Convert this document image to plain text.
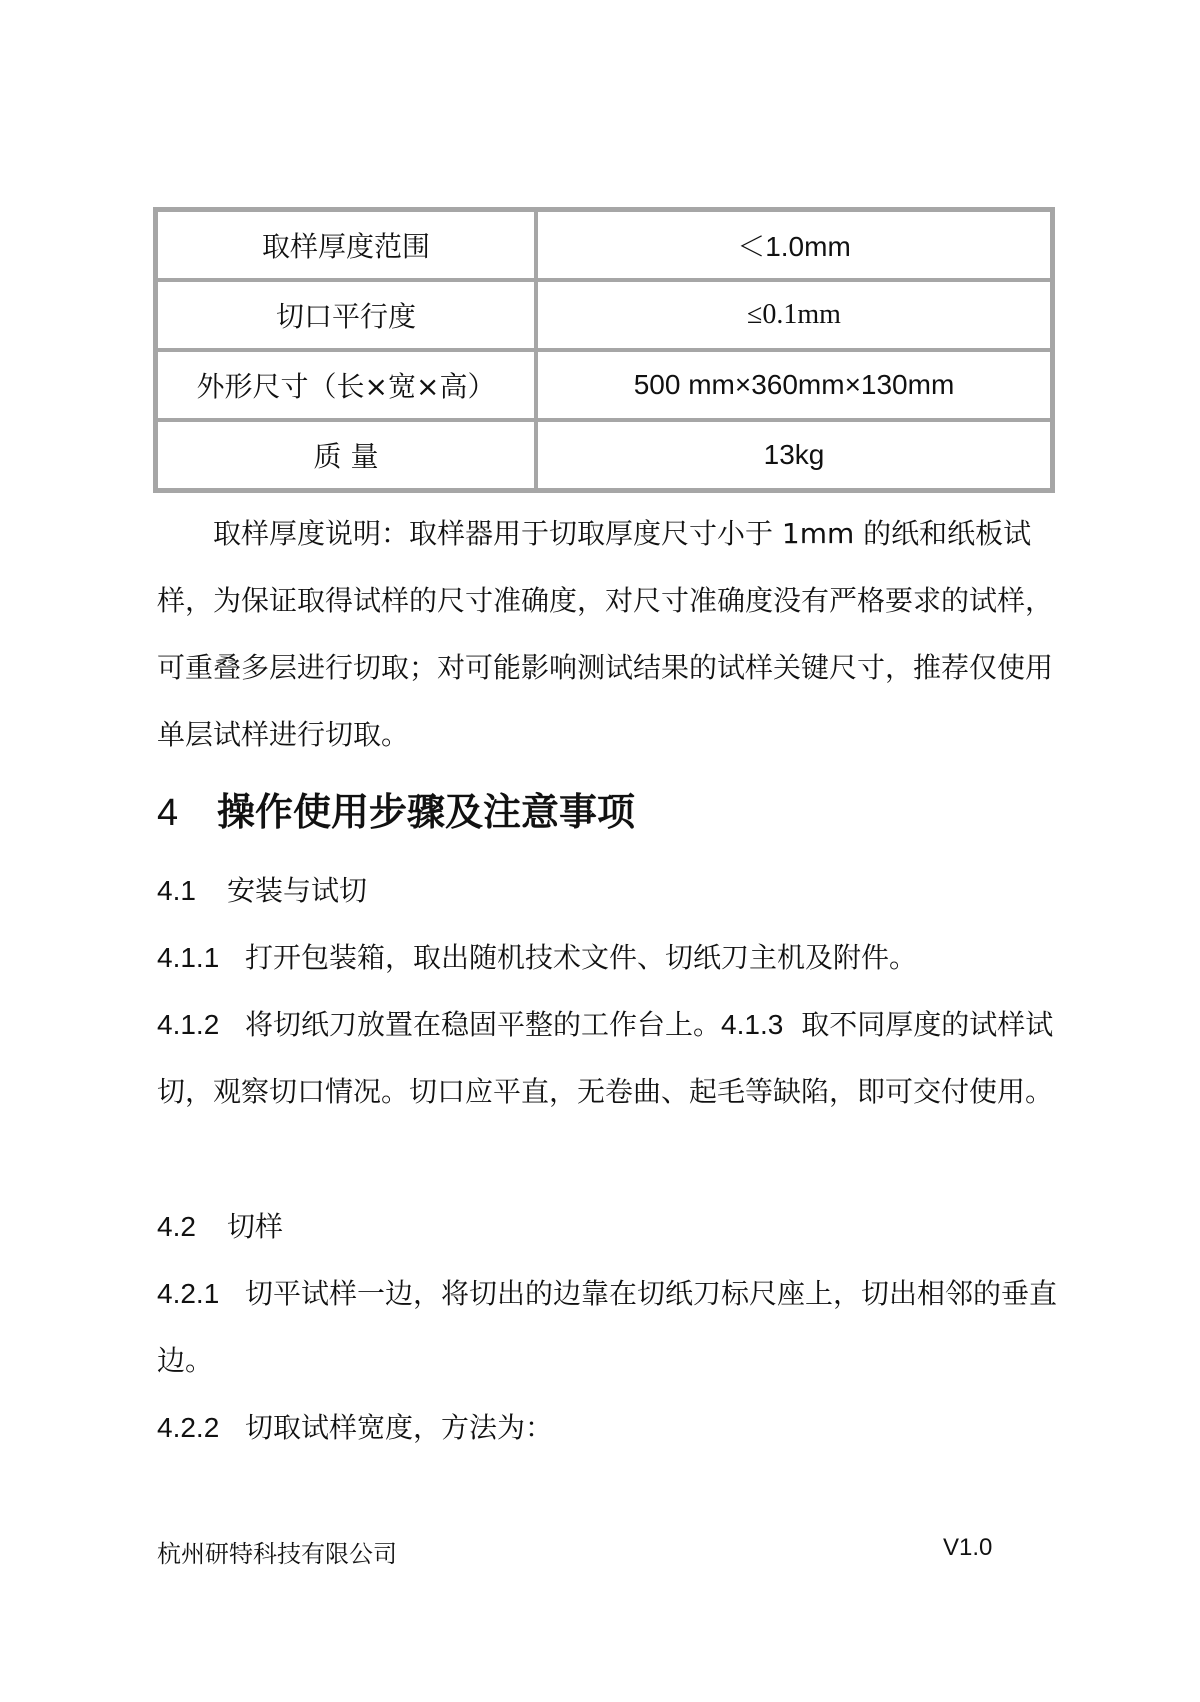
取样厚度范围	＜1.0mm
切口平行度	≤0.1mm
外形尺寸（长×宽×高）	500 mm×360mm×130mm
质 量	13kg

取样厚度说明：取样器用于切取厚度尺寸小于 1mm 的纸和纸板试样，为保证取得试样的尺寸准确度，对尺寸准确度没有严格要求的试样，可重叠多层进行切取；对可能影响测试结果的试样关键尺寸，推荐仅使用单层试样进行切取。

4 操作使用步骤及注意事项

4.1 安装与试切

4.1.1 打开包装箱，取出随机技术文件、切纸刀主机及附件。

4.1.2 将切纸刀放置在稳固平整的工作台上。4.1.3 取不同厚度的试样试切，观察切口情况。切口应平直，无卷曲、起毛等缺陷，即可交付使用。

4.2 切样

4.2.1 切平试样一边，将切出的边靠在切纸刀标尺座上，切出相邻的垂直边。

4.2.2 切取试样宽度，方法为：

杭州研特科技有限公司	V1.0
